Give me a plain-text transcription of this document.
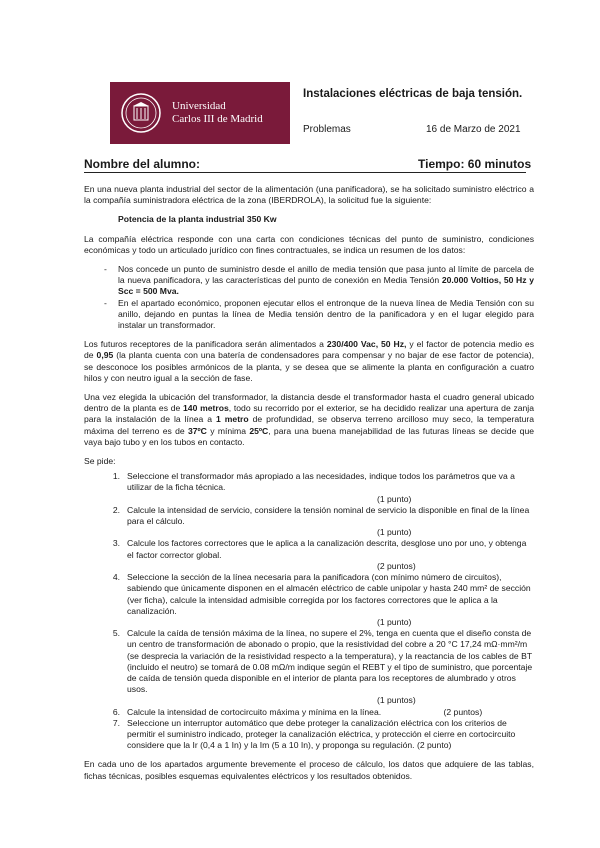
Universidad
Carlos III de Madrid
Instalaciones eléctricas de baja tensión.
Problemas	16 de Marzo de 2021
Nombre del alumno:	Tiempo: 60 minutos

En una nueva planta industrial del sector de la alimentación (una panificadora), se ha solicitado suministro eléctrico a la compañía suministradora eléctrica de la zona (IBERDROLA), la solicitud fue la siguiente:

Potencia de la planta industrial 350 Kw

La compañía eléctrica responde con una carta con condiciones técnicas del punto de suministro, condiciones económicas y todo un articulado jurídico con fines contractuales, se indica un resumen de los datos:

- Nos concede un punto de suministro desde el anillo de media tensión que pasa junto al límite de parcela de la nueva panificadora, y las características del punto de conexión en Media Tensión 20.000 Voltios, 50 Hz y Scc = 500 Mva.
- En el apartado económico, proponen ejecutar ellos el entronque de la nueva línea de Media Tensión con su anillo, dejando en puntas la línea de Media tensión dentro de la panificadora y en el lugar elegido para instalar un transformador.

Los futuros receptores de la panificadora serán alimentados a 230/400 Vac, 50 Hz, y el factor de potencia medio es de 0,95 (la planta cuenta con una batería de condensadores para compensar y no bajar de ese factor de potencia), se desconoce los posibles armónicos de la planta, y se desea que se alimente la planta en configuración a cuatro hilos y con neutro igual a la sección de fase.

Una vez elegida la ubicación del transformador, la distancia desde el transformador hasta el cuadro general ubicado dentro de la planta es de 140 metros, todo su recorrido por el exterior, se ha decidido realizar una apertura de zanja para la instalación de la línea a 1 metro de profundidad, se observa terreno arcilloso muy seco, la temperatura máxima del terreno es de 37ºC y mínima 25ºC, para una buena manejabilidad de las futuras líneas se decide que vaya bajo tubo y en los tubos en contacto.

Se pide:

1. Seleccione el transformador más apropiado a las necesidades, indique todos los parámetros que va a utilizar de la ficha técnica.
(1 punto)
2. Calcule la intensidad de servicio, considere la tensión nominal de servicio la disponible en final de la línea para el cálculo.
(1 punto)
3. Calcule los factores correctores que le aplica a la canalización descrita, desglose uno por uno, y obtenga el factor corrector global.
(2 puntos)
4. Seleccione la sección de la línea necesaria para la panificadora (con mínimo número de circuitos), sabiendo que únicamente disponen en el almacén eléctrico de cable unipolar y hasta 240 mm² de sección (ver ficha), calcule la intensidad admisible corregida por los factores correctores que le aplica a la canalización.
(1 punto)
5. Calcule la caída de tensión máxima de la línea, no supere el 2%, tenga en cuenta que el diseño consta de un centro de transformación de abonado o propio, que la resistividad del cobre a 20 °C 17,24 mΩ·mm²/m (se desprecia la variación de la resistividad respecto a la temperatura), y la reactancia de los cables de BT (incluido el neutro) se tomará de 0.08 mΩ/m indique según el REBT y el tipo de suministro, que porcentaje de caída de tensión queda disponible en el interior de planta para los receptores de alumbrado y otros usos.
(1 puntos)
6. Calcule la intensidad de cortocircuito máxima y mínima en la línea.	(2 puntos)
7. Seleccione un interruptor automático que debe proteger la canalización eléctrica con los criterios de permitir el suministro indicado, proteger la canalización eléctrica, y protección el cierre en cortocircuito considere que la Ir (0,4 a 1 In) y la Im (5 a 10 In), y proponga su regulación. (2 punto)

En cada uno de los apartados argumente brevemente el proceso de cálculo, los datos que adquiere de las tablas, fichas técnicas, posibles esquemas equivalentes eléctricos y los resultados obtenidos.
